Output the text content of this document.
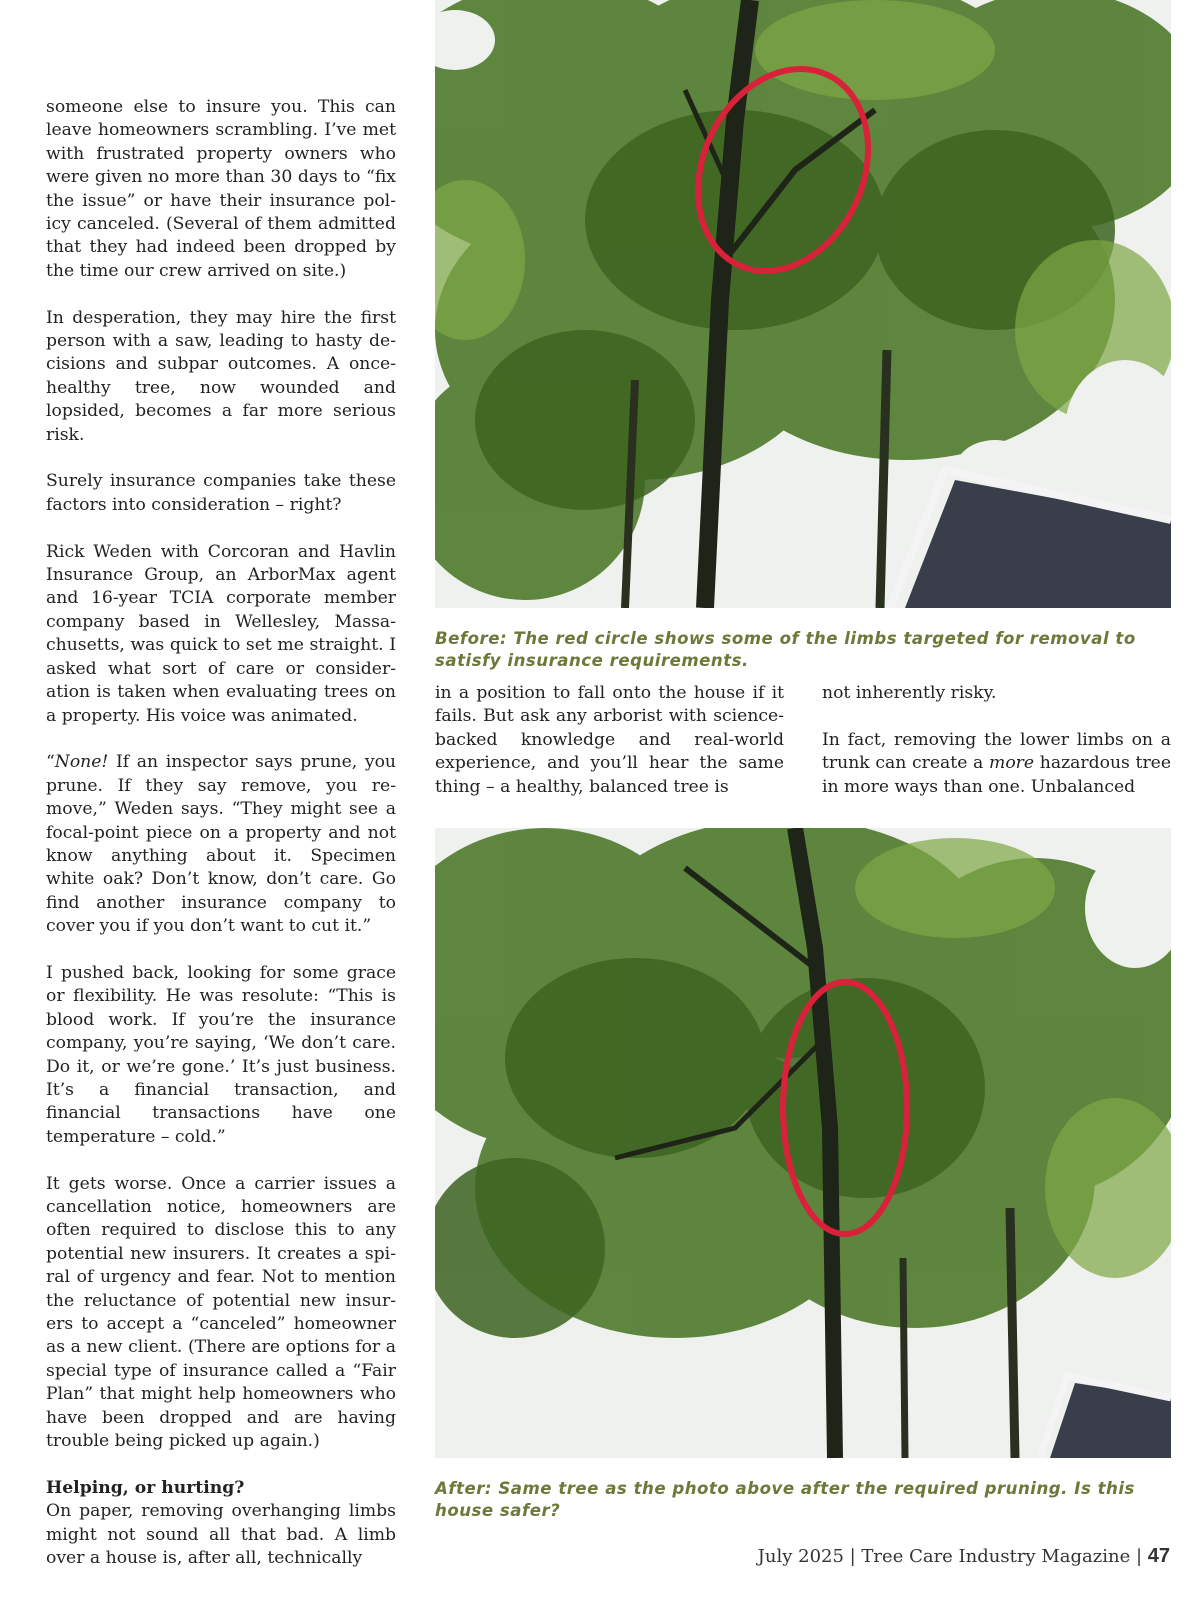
someone else to insure you. This can leave homeowners scrambling. I’ve met with frustrated property owners who were given no more than 30 days to “fix the issue” or have their insurance policy canceled. (Several of them admitted that they had indeed been dropped by the time our crew arrived on site.)

In desperation, they may hire the first person with a saw, leading to hasty decisions and subpar outcomes. A once-healthy tree, now wounded and lopsided, becomes a far more serious risk.

Surely insurance companies take these factors into consideration – right?

Rick Weden with Corcoran and Havlin Insurance Group, an ArborMax agent and 16-year TCIA corporate member company based in Wellesley, Massachusetts, was quick to set me straight. I asked what sort of care or consideration is taken when evaluating trees on a property. His voice was animated.

“None! If an inspector says prune, you prune. If they say remove, you remove,” Weden says. “They might see a focal-point piece on a property and not know anything about it. Specimen white oak? Don’t know, don’t care. Go find another insurance company to cover you if you don’t want to cut it.”

I pushed back, looking for some grace or flexibility. He was resolute: “This is blood work. If you’re the insurance company, you’re saying, ‘We don’t care. Do it, or we’re gone.’ It’s just business. It’s a financial transaction, and financial transactions have one temperature – cold.”

It gets worse. Once a carrier issues a cancellation notice, homeowners are often required to disclose this to any potential new insurers. It creates a spiral of urgency and fear. Not to mention the reluctance of potential new insurers to accept a “canceled” homeowner as a new client. (There are options for a special type of insurance called a “Fair Plan” that might help homeowners who have been dropped and are having trouble being picked up again.)

Helping, or hurting?

On paper, removing overhanging limbs might not sound all that bad. A limb over a house is, after all, technically

Before: The red circle shows some of the limbs targeted for removal to satisfy insurance requirements.

in a position to fall onto the house if it fails. But ask any arborist with science-backed knowledge and real-world experience, and you’ll hear the same thing – a healthy, balanced tree is

not inherently risky.

In fact, removing the lower limbs on a trunk can create a more hazardous tree in more ways than one. Unbalanced

After: Same tree as the photo above after the required pruning. Is this house safer?
July 2025 | Tree Care Industry Magazine | 47
